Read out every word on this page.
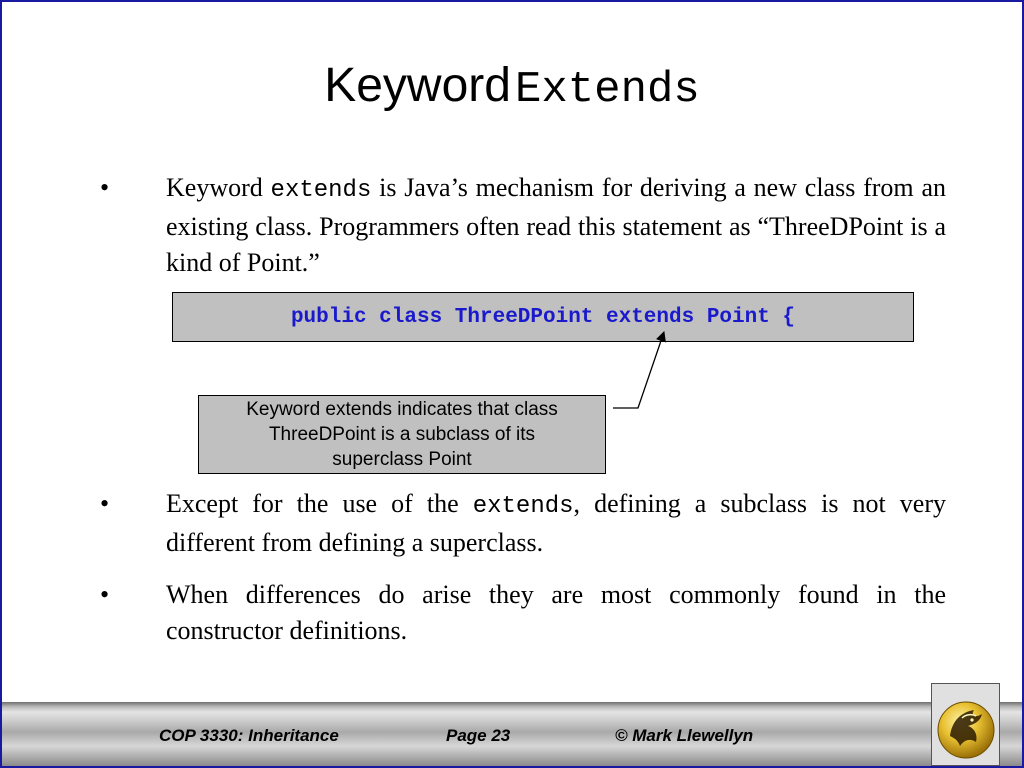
Keyword Extends
• Keyword extends is Java’s mechanism for deriving a new class from an existing class. Programmers often read this statement as “ThreeDPoint is a kind of Point.”
public class ThreeDPoint extends Point {
Keyword extends indicates that class
ThreeDPoint is a subclass of its
superclass Point
• Except for the use of the extends, defining a subclass is not very different from defining a superclass.
• When differences do arise they are most commonly found in the constructor definitions.
COP 3330: Inheritance	Page 23	© Mark Llewellyn
